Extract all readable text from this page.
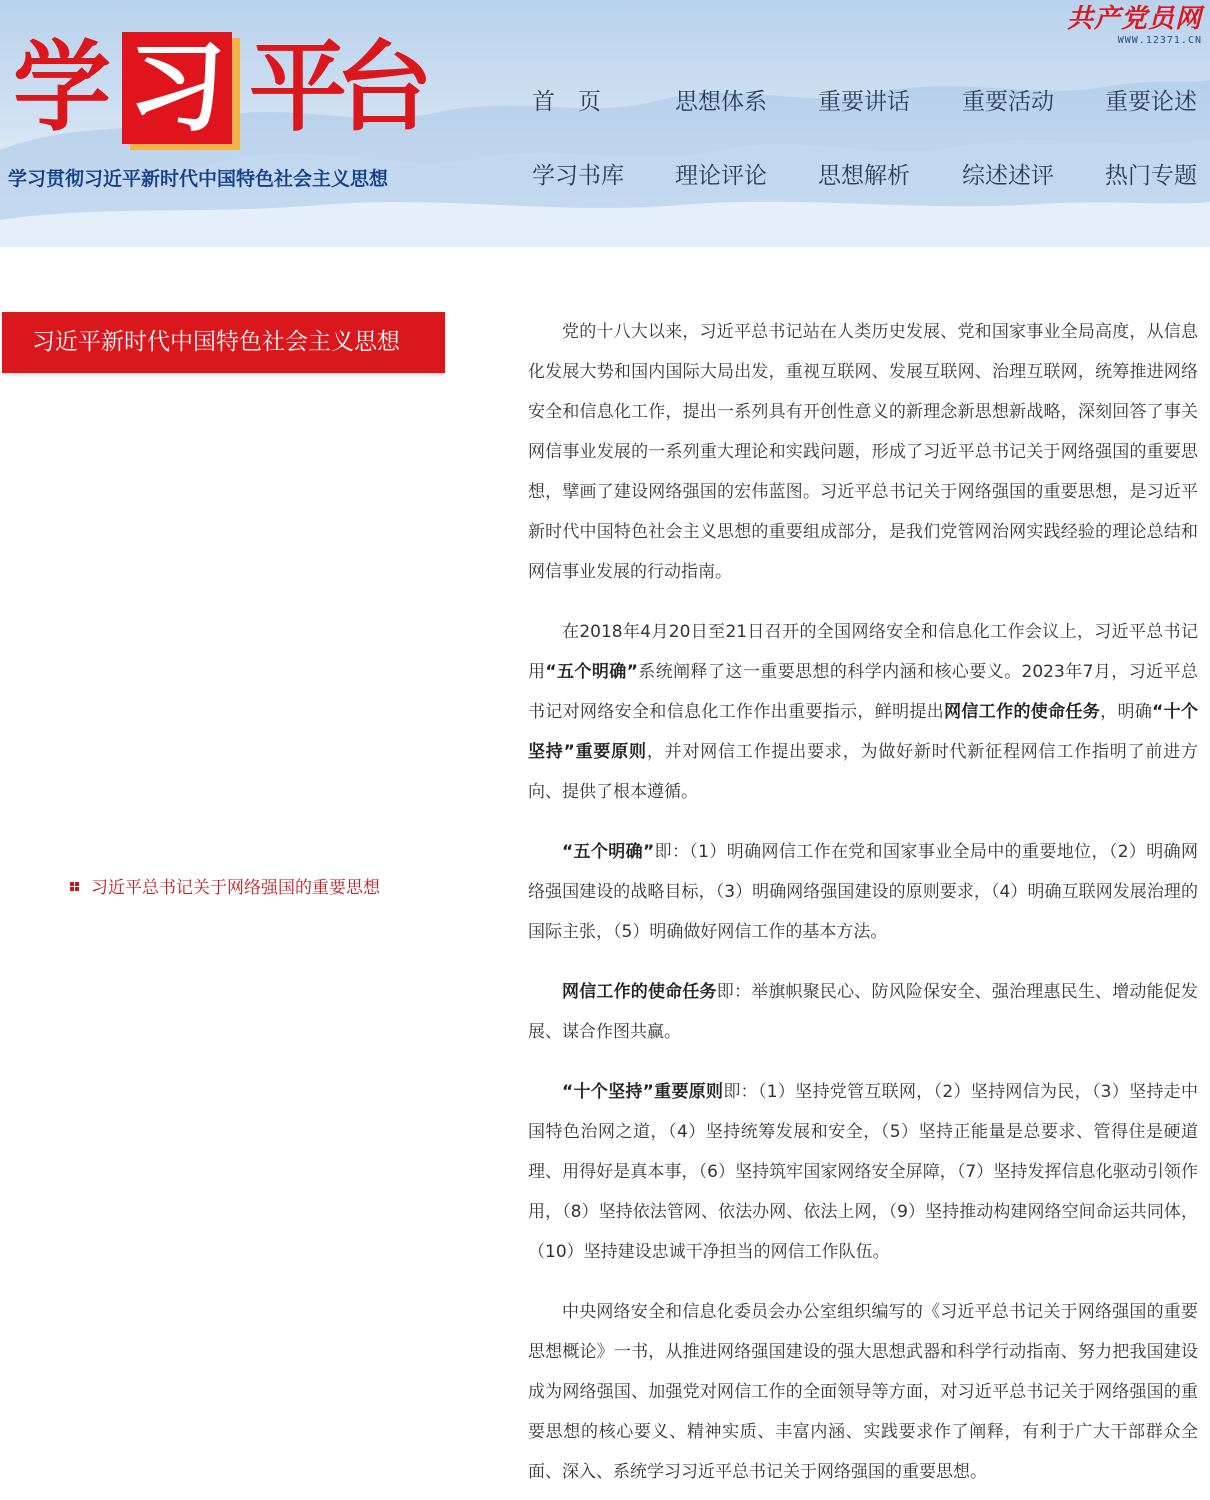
学 习 平
台
学习贯彻习近平新时代中国特色社会主义思想
共产党员网
WWW.12371.CN
首　页	思想体系 重要讲话 重要活动 重要论述
学习书库 理论评论 思想解析 综述述评 热门专题
习近平新时代中国特色社会主义思想
习近平总书记关于网络强国的重要思想

党的十八大以来，习近平总书记站在人类历史发展、党和国家事业全局高度，从信息化发展大势和国内国际大局出发，重视互联网、发展互联网、治理互联网，统筹推进网络安全和信息化工作，提出一系列具有开创性意义的新理念新思想新战略，深刻回答了事关网信事业发展的一系列重大理论和实践问题，形成了习近平总书记关于网络强国的重要思想，擘画了建设网络强国的宏伟蓝图。习近平总书记关于网络强国的重要思想，是习近平新时代中国特色社会主义思想的重要组成部分，是我们党管网治网实践经验的理论总结和网信事业发展的行动指南。

在2018年4月20日至21日召开的全国网络安全和信息化工作会议上，习近平总书记用“五个明确”系统阐释了这一重要思想的科学内涵和核心要义。2023年7月，习近平总书记对网络安全和信息化工作作出重要指示，鲜明提出网信工作的使命任务，明确“十个坚持”重要原则，并对网信工作提出要求，为做好新时代新征程网信工作指明了前进方向、提供了根本遵循。

“五个明确”即：（1）明确网信工作在党和国家事业全局中的重要地位，（2）明确网络强国建设的战略目标，（3）明确网络强国建设的原则要求，（4）明确互联网发展治理的国际主张，（5）明确做好网信工作的基本方法。

网信工作的使命任务即：举旗帜聚民心、防风险保安全、强治理惠民生、增动能促发展、谋合作图共赢。

“十个坚持”重要原则即：（1）坚持党管互联网，（2）坚持网信为民，（3）坚持走中国特色治网之道，（4）坚持统筹发展和安全，（5）坚持正能量是总要求、管得住是硬道理、用得好是真本事，（6）坚持筑牢国家网络安全屏障，（7）坚持发挥信息化驱动引领作用，（8）坚持依法管网、依法办网、依法上网，（9）坚持推动构建网络空间命运共同体，（10）坚持建设忠诚干净担当的网信工作队伍。

中央网络安全和信息化委员会办公室组织编写的《习近平总书记关于网络强国的重要思想概论》一书，从推进网络强国建设的强大思想武器和科学行动指南、努力把我国建设成为网络强国、加强党对网信工作的全面领导等方面，对习近平总书记关于网络强国的重要思想的核心要义、精神实质、丰富内涵、实践要求作了阐释，有利于广大干部群众全面、深入、系统学习习近平总书记关于网络强国的重要思想。
